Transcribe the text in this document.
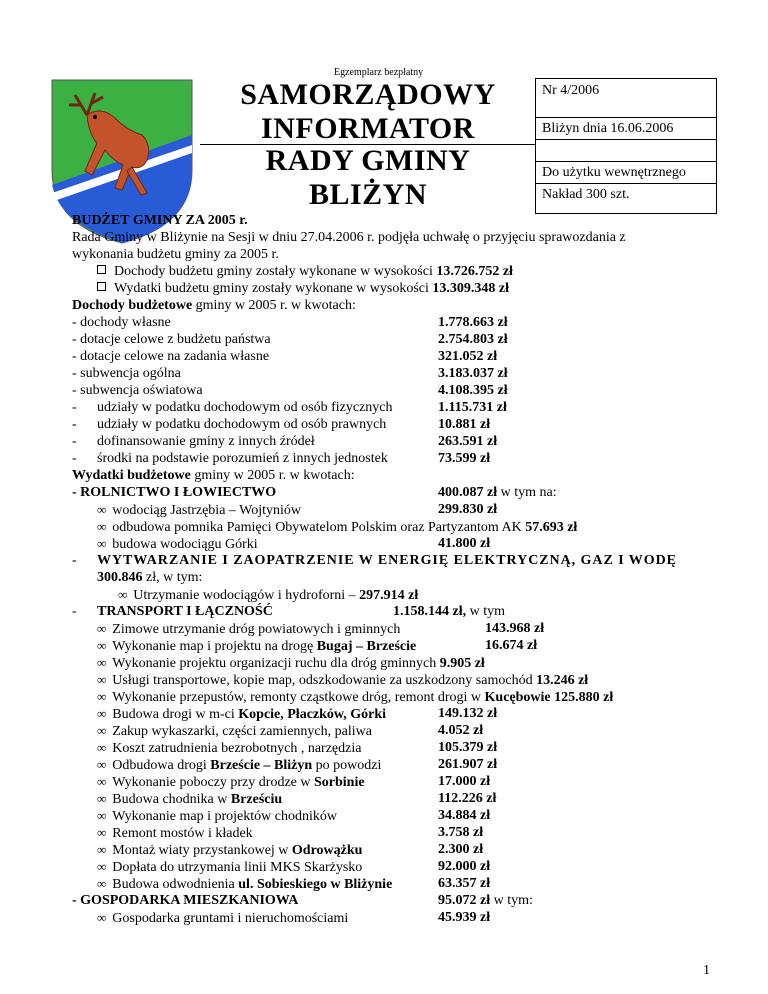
Egzemplarz bezpłatny
SAMORZĄDOWY
INFORMATOR
RADY GMINY
BLIŻYN
Nr 4/2006
Bliżyn dnia 16.06.2006
Do użytku wewnętrznego
Nakład 300 szt.
BUDŻET GMINY ZA 2005 r.
Rada Gminy w Bliżynie na Sesji w dniu 27.04.2006 r. podjęła uchwałę o przyjęciu sprawozdania z
wykonania budżetu gminy za 2005 r.
Dochody budżetu gminy zostały wykonane w wysokości 13.726.752 zł
Wydatki budżetu gminy zostały wykonane w wysokości 13.309.348 zł
Dochody budżetowe gminy w 2005 r. w kwotach:
- dochody własne	1.778.663 zł
- dotacje celowe z budżetu państwa	2.754.803 zł
- dotacje celowe na zadania własne	321.052 zł
- subwencja ogólna	3.183.037 zł
- subwencja oświatowa	4.108.395 zł
- udziały w podatku dochodowym od osób fizycznych	1.115.731 zł
- udziały w podatku dochodowym od osób prawnych	10.881 zł
- dofinansowanie gminy z innych źródeł	263.591 zł
- środki na podstawie porozumień z innych jednostek	73.599 zł
Wydatki budżetowe gminy w 2005 r. w kwotach:
- ROLNICTWO I ŁOWIECTWO	400.087 zł w tym na:
∞ wodociąg Jastrzębia – Wojtyniów	299.830 zł
∞ odbudowa pomnika Pamięci Obywatelom Polskim oraz Partyzantom AK 57.693 zł
∞ budowa wodociągu Górki	41.800 zł
- WYTWARZANIE I ZAOPATRZENIE W ENERGIĘ ELEKTRYCZNĄ, GAZ I WODĘ
300.846 zł, w tym:
∞ Utrzymanie wodociągów i hydroforni – 297.914 zł
- TRANSPORT I ŁĄCZNOŚĆ	1.158.144 zł, w tym
∞ Zimowe utrzymanie dróg powiatowych i gminnych	143.968 zł
∞ Wykonanie map i projektu na drogę Bugaj – Brzeście	16.674 zł
∞ Wykonanie projektu organizacji ruchu dla dróg gminnych 9.905 zł
∞ Usługi transportowe, kopie map, odszkodowanie za uszkodzony samochód 13.246 zł
∞ Wykonanie przepustów, remonty cząstkowe dróg, remont drogi w Kucębowie 125.880 zł
∞ Budowa drogi w m-ci Kopcie, Płaczków, Górki	149.132 zł
∞ Zakup wykaszarki, części zamiennych, paliwa	4.052 zł
∞ Koszt zatrudnienia bezrobotnych , narzędzia	105.379 zł
∞ Odbudowa drogi Brzeście – Bliżyn po powodzi	261.907 zł
∞ Wykonanie poboczy przy drodze w Sorbinie	17.000 zł
∞ Budowa chodnika w Brześciu	112.226 zł
∞ Wykonanie map i projektów chodników	34.884 zł
∞ Remont mostów i kładek	3.758 zł
∞ Montaż wiaty przystankowej w Odrowążku	2.300 zł
∞ Dopłata do utrzymania linii MKS Skarżysko	92.000 zł
∞ Budowa odwodnienia ul. Sobieskiego w Bliżynie	63.357 zł
- GOSPODARKA MIESZKANIOWA	95.072 zł w tym:
∞ Gospodarka gruntami i nieruchomościami	45.939 zł
1
